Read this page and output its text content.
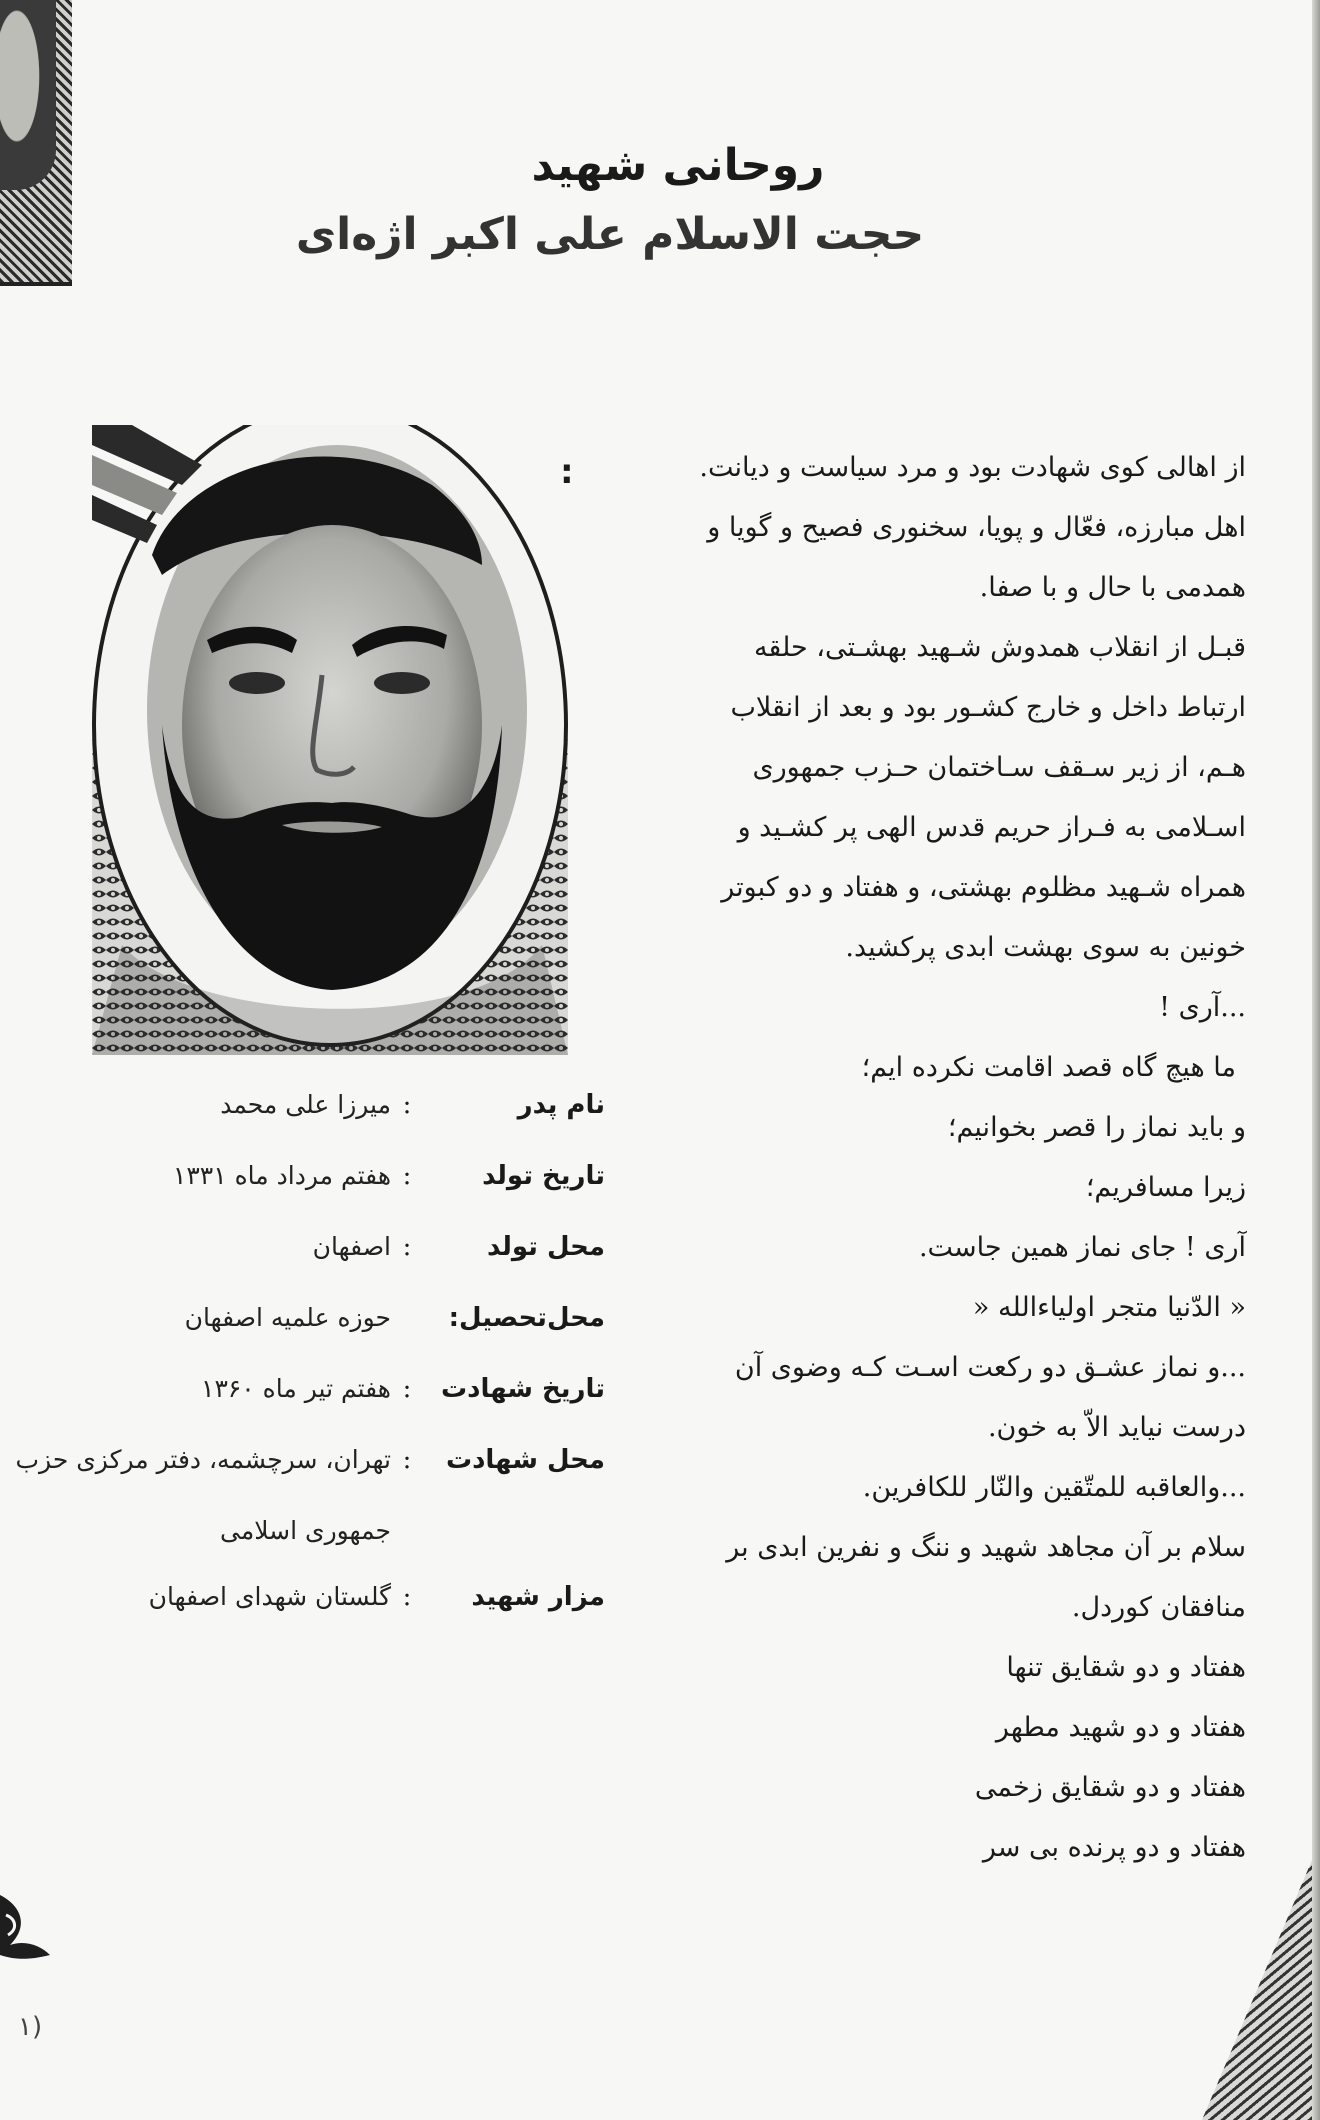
روحانی شهید
حجت الاسلام علی اکبر اژه‌ای
:	از اهالی کوی شهادت بود و مرد سیاست و دیانت.

اهل مبارزه، فعّال و پویا، سخنوری فصیح و گویا و

همدمی با حال و با صفا.

قبـل از انقلاب همدوش شـهید بهشـتی، حلقه

ارتباط داخل و خارج کشـور بود و بعد از انقلاب

هـم، از زیر سـقف سـاختمان حـزب جمهوری

اسـلامی به فـراز حریم قدس الهی پر کشـید و

همراه شـهید مظلوم بهشتی، و هفتاد و دو کبوتر

خونین به سوی بهشت ابدی پرکشید.

...آری !

ما هیچ گاه قصد اقامت نکرده ایم؛

و باید نماز را قصر بخوانیم؛

زیرا مسافریم؛

آری ! جای نماز همین جاست.

« الدّنیا متجر اولیاءالله «

...و نماز عشـق دو رکعت اسـت کـه وضوی آن

درست نیاید الاّ به خون.

...والعاقبه للمتّقین والنّار للکافرین.

سلام بر آن مجاهد شهید و ننگ و نفرین ابدی بر

منافقان کوردل.

هفتاد و دو شقایق تنها

هفتاد و دو شهید مطهر

هفتاد و دو شقایق زخمی

هفتاد و دو پرنده بی سر

نام پدر
:
میرزا علی محمد
تاریخ تولد
:
هفتم مرداد ماه ۱۳۳۱
محل تولد
:
اصفهان
محل‌تحصیل:
حوزه علمیه اصفهان
تاریخ شهادت
:
هفتم تیر ماه ۱۳۶۰
محل شهادت
:
تهران، سرچشمه، دفتر مرکزی حزب
جمهوری اسلامی
مزار شهید
:
گلستان شهدای اصفهان
۱)
